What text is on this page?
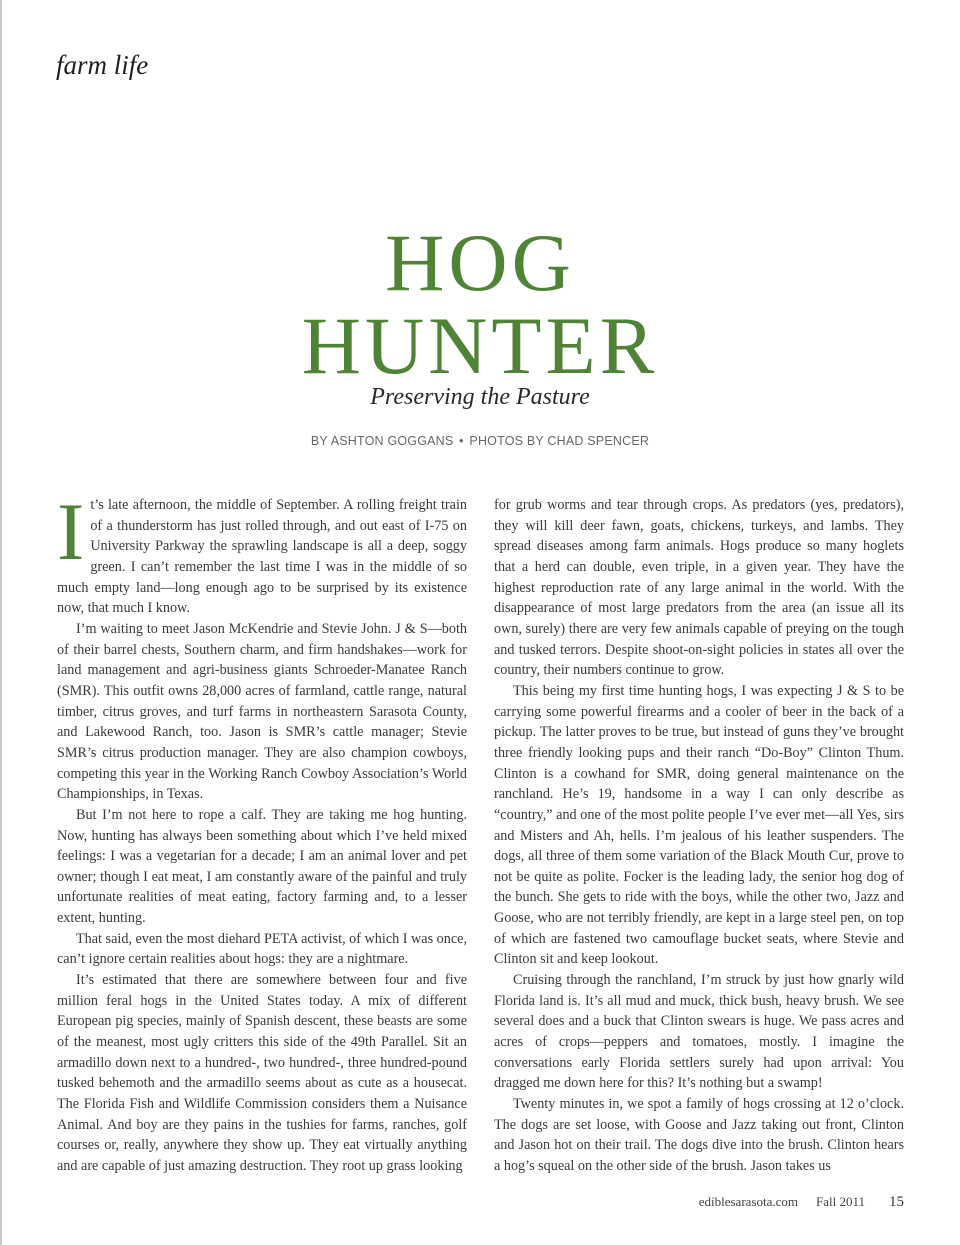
farm life
HOG
HUNTER
Preserving the Pasture
BY ASHTON GOGGANS • PHOTOS BY CHAD SPENCER

It’s late afternoon, the middle of September. A rolling freight train of a thunderstorm has just rolled through, and out east of I-75 on University Parkway the sprawling landscape is all a deep, soggy green. I can’t remember the last time I was in the middle of so much empty land—long enough ago to be surprised by its existence now, that much I know.

I’m waiting to meet Jason McKendrie and Stevie John. J & S—both of their barrel chests, Southern charm, and firm handshakes—work for land management and agri-business giants Schroeder-Manatee Ranch (SMR). This outfit owns 28,000 acres of farmland, cattle range, natural timber, citrus groves, and turf farms in northeastern Sarasota County, and Lakewood Ranch, too. Jason is SMR’s cattle manager; Stevie SMR’s citrus production manager. They are also champion cowboys, competing this year in the Working Ranch Cowboy Association’s World Championships, in Texas.

But I’m not here to rope a calf. They are taking me hog hunting. Now, hunting has always been something about which I’ve held mixed feelings: I was a vegetarian for a decade; I am an animal lover and pet owner; though I eat meat, I am constantly aware of the painful and truly unfortunate realities of meat eating, factory farming and, to a lesser extent, hunting.

That said, even the most diehard PETA activist, of which I was once, can’t ignore certain realities about hogs: they are a nightmare.

It’s estimated that there are somewhere between four and five million feral hogs in the United States today. A mix of different European pig species, mainly of Spanish descent, these beasts are some of the meanest, most ugly critters this side of the 49th Parallel. Sit an armadillo down next to a hundred-, two hundred-, three hundred-pound tusked behemoth and the armadillo seems about as cute as a housecat. The Florida Fish and Wildlife Commission considers them a Nuisance Animal. And boy are they pains in the tushies for farms, ranches, golf courses or, really, anywhere they show up. They eat virtually anything and are capable of just amazing destruction. They root up grass looking

for grub worms and tear through crops. As predators (yes, predators), they will kill deer fawn, goats, chickens, turkeys, and lambs. They spread diseases among farm animals. Hogs produce so many hoglets that a herd can double, even triple, in a given year. They have the highest reproduction rate of any large animal in the world. With the disappearance of most large predators from the area (an issue all its own, surely) there are very few animals capable of preying on the tough and tusked terrors. Despite shoot-on-sight policies in states all over the country, their numbers continue to grow.

This being my first time hunting hogs, I was expecting J & S to be carrying some powerful firearms and a cooler of beer in the back of a pickup. The latter proves to be true, but instead of guns they’ve brought three friendly looking pups and their ranch “Do-Boy” Clinton Thum. Clinton is a cowhand for SMR, doing general maintenance on the ranchland. He’s 19, handsome in a way I can only describe as “country,” and one of the most polite people I’ve ever met—all Yes, sirs and Misters and Ah, hells. I’m jealous of his leather suspenders. The dogs, all three of them some variation of the Black Mouth Cur, prove to not be quite as polite. Focker is the leading lady, the senior hog dog of the bunch. She gets to ride with the boys, while the other two, Jazz and Goose, who are not terribly friendly, are kept in a large steel pen, on top of which are fastened two camouflage bucket seats, where Stevie and Clinton sit and keep lookout.

Cruising through the ranchland, I’m struck by just how gnarly wild Florida land is. It’s all mud and muck, thick bush, heavy brush. We see several does and a buck that Clinton swears is huge. We pass acres and acres of crops—peppers and tomatoes, mostly. I imagine the conversations early Florida settlers surely had upon arrival: You dragged me down here for this? It’s nothing but a swamp!

Twenty minutes in, we spot a family of hogs crossing at 12 o’clock. The dogs are set loose, with Goose and Jazz taking out front, Clinton and Jason hot on their trail. The dogs dive into the brush. Clinton hears a hog’s squeal on the other side of the brush. Jason takes us

ediblesarasota.com Fall 2011 15
